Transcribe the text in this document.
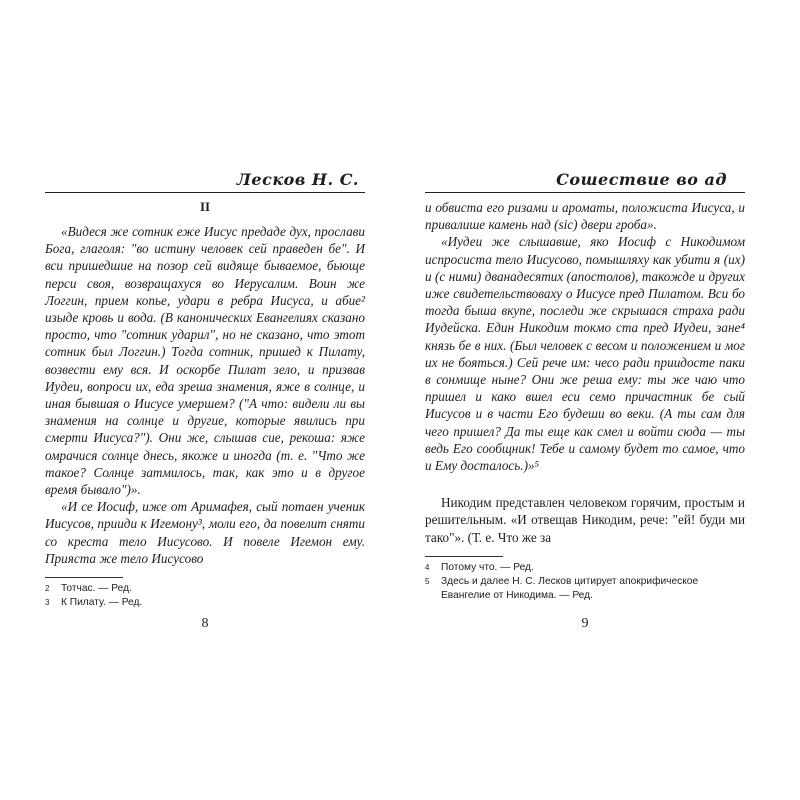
Лесков Н. С.
II

«Видеся же сотник еже Иисус предаде дух, прослави Бога, глаголя: "во истину человек сей праведен бе". И вси пришедшие на позор сей видяще бываемое, бьюще перси своя, возвращахуся во Иерусалим. Воин же Логгин, прием копье, удари в ребра Иисуса, и абие² изыде кровь и вода. (В канонических Евангелиях сказано просто, что "сотник ударил", но не сказано, что этот сотник был Логгин.) Тогда сотник, пришед к Пилату, возвести ему вся. И оскорбе Пилат зело, и призвав Иудеи, вопроси их, еда зреша знамения, яже в солнце, и иная бывшая о Иисусе умершем? ("А что: видели ли вы знамения на солнце и другие, которые явились при смерти Иисуса?"). Они же, слышав сие, рекоша: яже омрачися солнце днесь, якоже и иногда (т. е. "Что же такое? Солнце затмилось, так, как это и в другое время бывало")».

«И се Иосиф, иже от Аримафея, сый потаен ученик Иисусов, прииди к Игемону³, моли его, да повелит сняти со креста тело Иисусово. И повеле Игемон ему. Прияста же тело Иисусово

2	Тотчас. — Ред.
3	К Пилату. — Ред.
8
Сошествие во ад

и обвиста его ризами и ароматы, положиста Иисуса, и привалише камень над (sic) двери гроба».

«Иудеи же слышавше, яко Иосиф с Никодимом испросиста тело Иисусово, помышляху как убити я (их) и (с ними) дванадесятих (апостолов), такожде и других иже свидетельствоваху о Иисусе пред Пилатом. Вси бо тогда быша вкупе, последи же скрышася страха ради Иудейска. Един Никодим токмо ста пред Иудеи, зане⁴ князь бе в них. (Был человек с весом и положением и мог их не бояться.) Сей рече им: чесо ради приидосте паки в сонмище ныне? Они же реша ему: ты же чаю что пришел и како вшел еси семо причастник бе сый Иисусов и в части Его будеши во веки. (А ты сам для чего пришел? Да ты еще как смел и войти сюда — ты ведь Его сообщник! Тебе и самому будет то самое, что и Ему досталось.)»⁵

Никодим представлен человеком горячим, простым и решительным. «И отвещав Никодим, рече: "ей! буди ми тако"». (Т. е. Что же за

4	Потому что. — Ред.
5	Здесь и далее Н. С. Лесков цитирует апокрифическое Евангелие от Никодима. — Ред.
9
